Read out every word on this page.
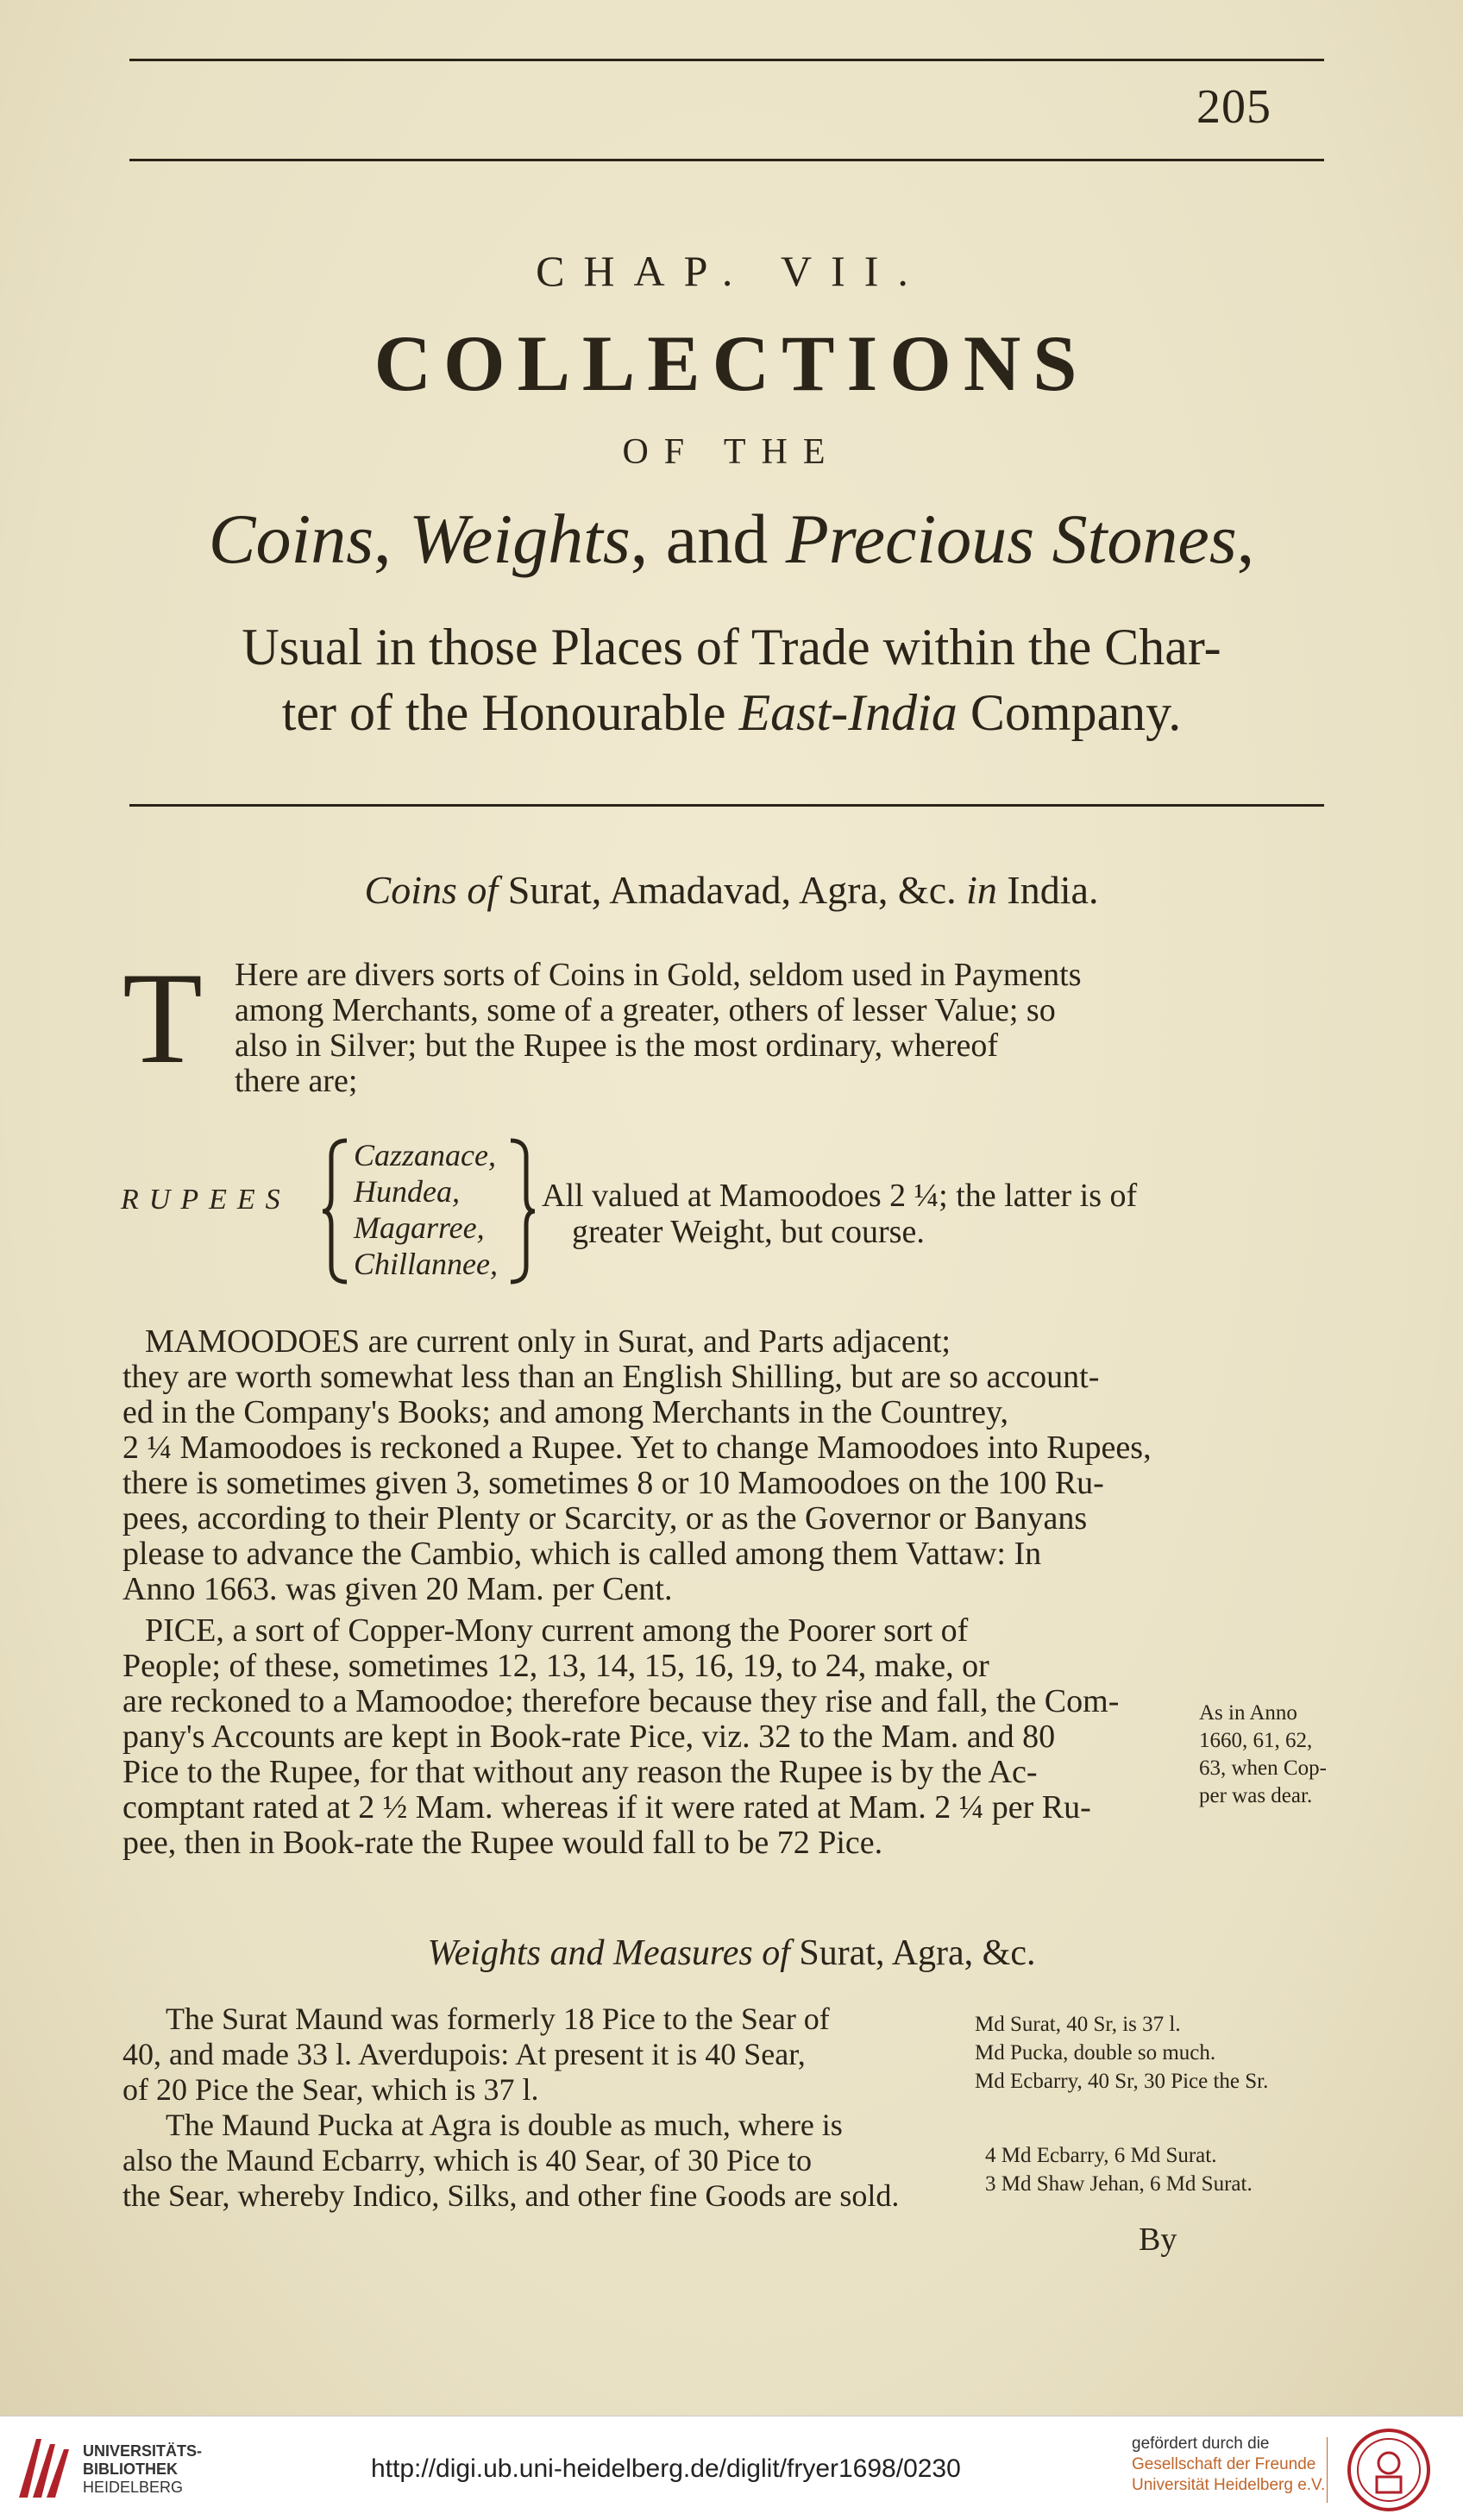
205
CHAP. VII.
COLLECTIONS
OF THE
Coins, Weights, and Precious Stones,
Usual in those Places of Trade within the Char-
ter of the Honourable East-India Company.
Coins of Surat, Amadavad, Agra, &c. in India.
T Here are divers sorts of Coins in Gold, seldom used in Payments
among Merchants, some of a greater, others of lesser Value; so
also in Silver; but the Rupee is the most ordinary, whereof
there are;
RUPEES
Cazzanace,
Hundea,
Magarree,
Chillannee,
All valued at Mamoodoes 2 ¼; the latter is of
greater Weight, but course.
MAMOODOES are current only in Surat, and Parts adjacent;
they are worth somewhat less than an English Shilling, but are so account-
ed in the Company's Books; and among Merchants in the Countrey,
2 ¼ Mamoodoes is reckoned a Rupee. Yet to change Mamoodoes into Rupees,
there is sometimes given 3, sometimes 8 or 10 Mamoodoes on the 100 Ru-
pees, according to their Plenty or Scarcity, or as the Governor or Banyans
please to advance the Cambio, which is called among them Vattaw: In
Anno 1663. was given 20 Mam. per Cent.
PICE, a sort of Copper-Mony current among the Poorer sort of
People; of these, sometimes 12, 13, 14, 15, 16, 19, to 24, make, or
are reckoned to a Mamoodoe; therefore because they rise and fall, the Com-
pany's Accounts are kept in Book-rate Pice, viz. 32 to the Mam. and 80
Pice to the Rupee, for that without any reason the Rupee is by the Ac-
comptant rated at 2 ½ Mam. whereas if it were rated at Mam. 2 ¼ per Ru-
pee, then in Book-rate the Rupee would fall to be 72 Pice.
As in Anno
1660, 61, 62,
63, when Cop-
per was dear.
Weights and Measures of Surat, Agra, &c.
The Surat Maund was formerly 18 Pice to the Sear of
40, and made 33 l. Averdupois: At present it is 40 Sear,
of 20 Pice the Sear, which is 37 l.
The Maund Pucka at Agra is double as much, where is
also the Maund Ecbarry, which is 40 Sear, of 30 Pice to
the Sear, whereby Indico, Silks, and other fine Goods are sold.
Md Surat, 40 Sr, is 37 l.
Md Pucka, double so much.
Md Ecbarry, 40 Sr, 30 Pice the Sr.
4 Md Ecbarry, 6 Md Surat.
3 Md Shaw Jehan, 6 Md Surat.
By
UNIVERSITÄTS-
BIBLIOTHEK
HEIDELBERG
http://digi.ub.uni-heidelberg.de/diglit/fryer1698/0230
gefördert durch die
Gesellschaft der Freunde
Universität Heidelberg e.V.
